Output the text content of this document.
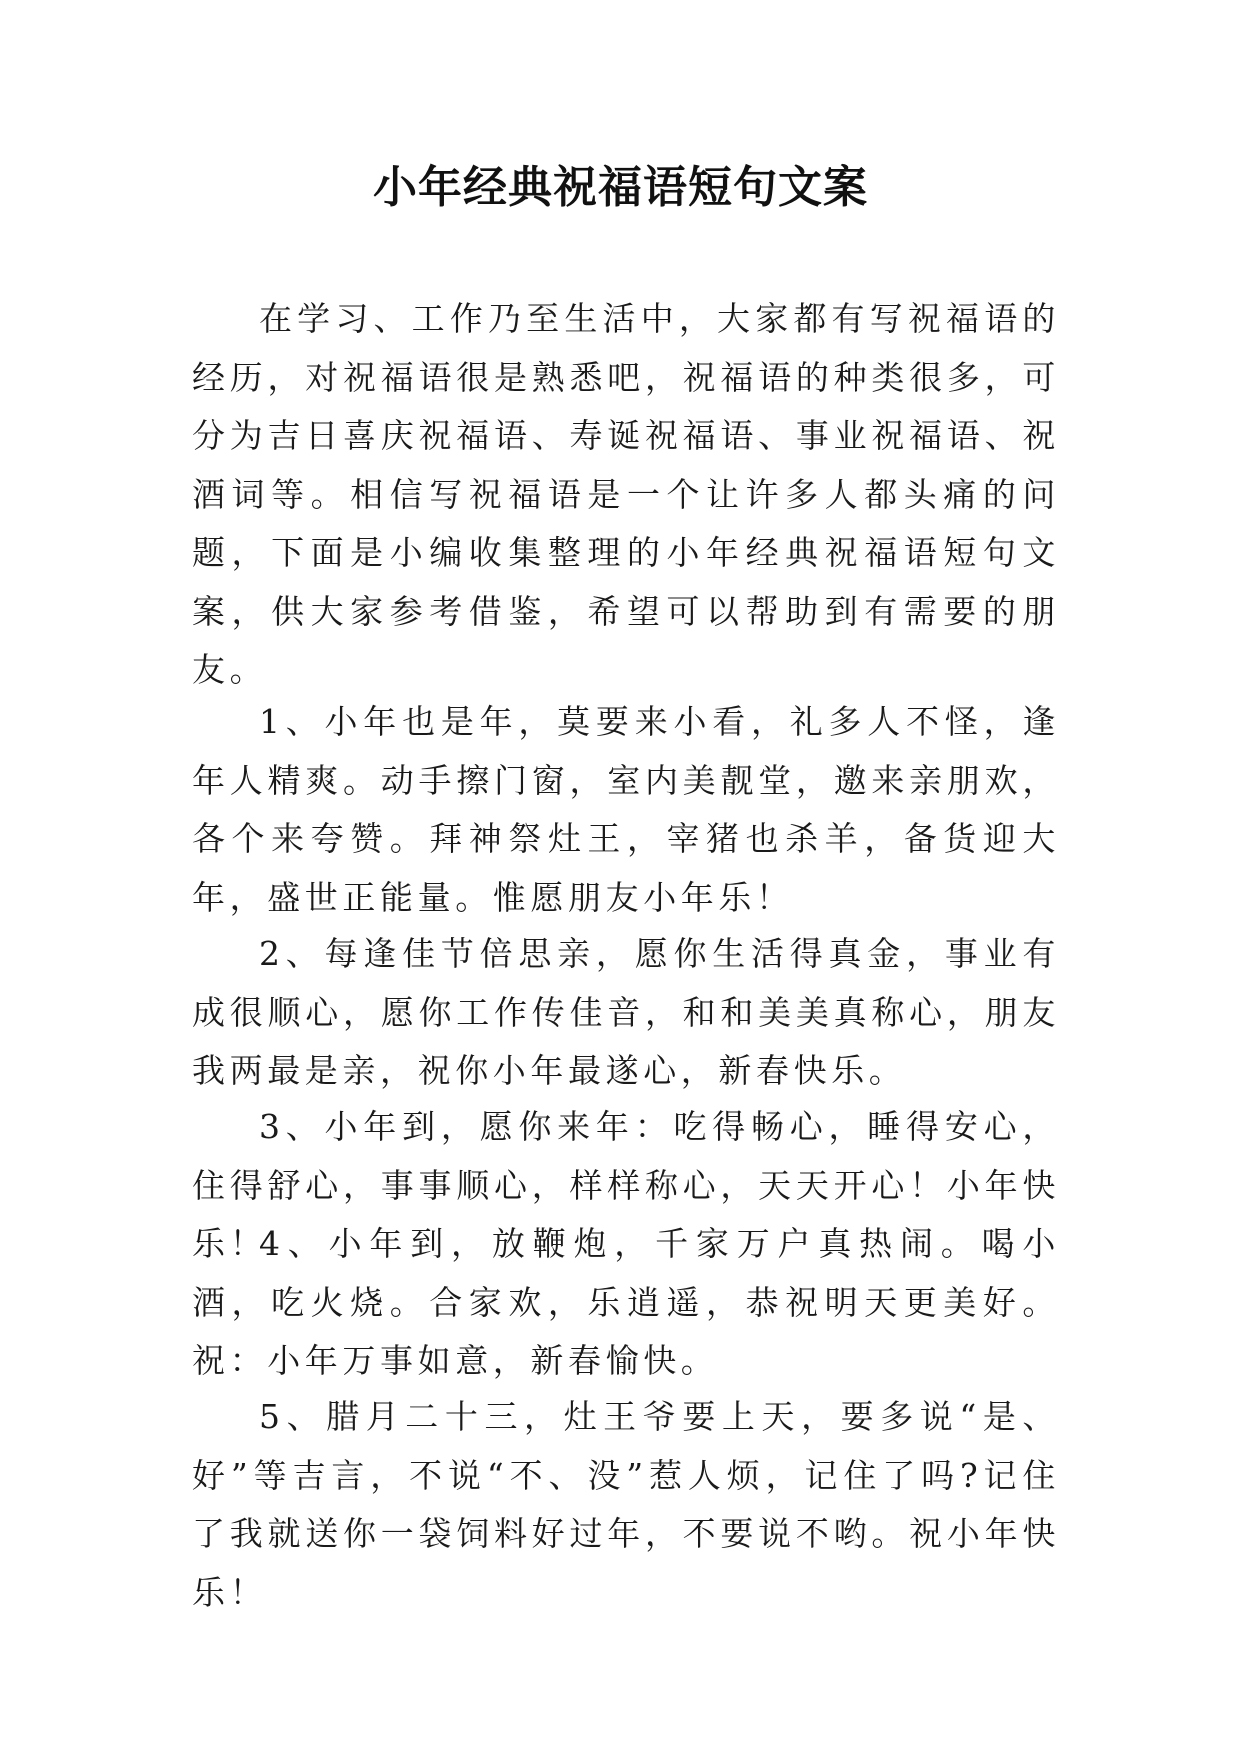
小年经典祝福语短句文案

在学习、工作乃至生活中，大家都有写祝福语的经历，对祝福语很是熟悉吧，祝福语的种类很多，可分为吉日喜庆祝福语、寿诞祝福语、事业祝福语、祝酒词等。相信写祝福语是一个让许多人都头痛的问题，下面是小编收集整理的小年经典祝福语短句文案，供大家参考借鉴，希望可以帮助到有需要的朋友。

1、小年也是年，莫要来小看，礼多人不怪，逢年人精爽。动手擦门窗，室内美靓堂，邀来亲朋欢，各个来夸赞。拜神祭灶王，宰猪也杀羊，备货迎大年，盛世正能量。惟愿朋友小年乐！

2、每逢佳节倍思亲，愿你生活得真金，事业有成很顺心，愿你工作传佳音，和和美美真称心，朋友我两最是亲，祝你小年最遂心，新春快乐。

3、小年到，愿你来年：吃得畅心，睡得安心，住得舒心，事事顺心，样样称心，天天开心！小年快乐！

4、小年到，放鞭炮，千家万户真热闹。喝小酒，吃火烧。合家欢，乐逍遥，恭祝明天更美好。祝：小年万事如意，新春愉快。

5、腊月二十三，灶王爷要上天，要多说“是、好”等吉言，不说“不、没”惹人烦，记住了吗?记住了我就送你一袋饲料好过年，不要说不哟。祝小年快乐！
